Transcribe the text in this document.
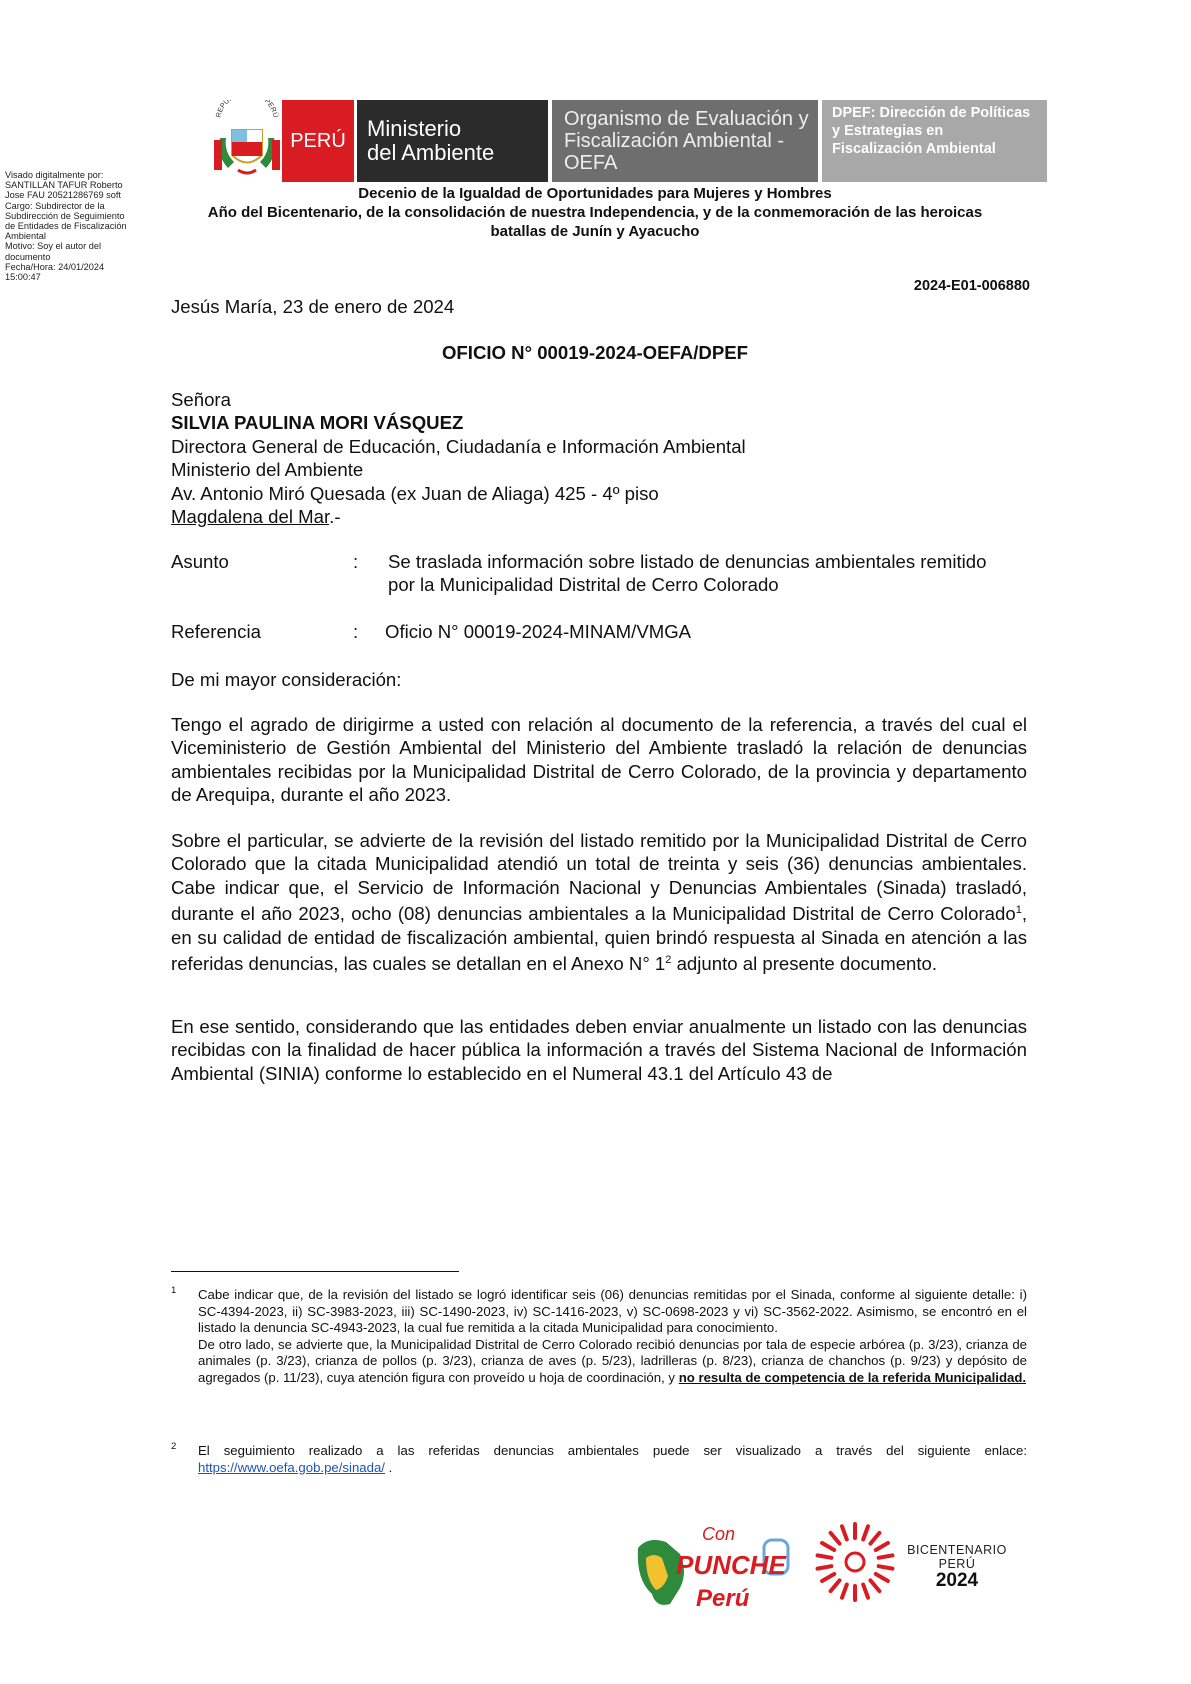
Visado digitalmente por:
SANTILLAN TAFUR Roberto
Jose FAU 20521286769 soft
Cargo: Subdirector de la
Subdirección de Seguimiento
de Entidades de Fiscalización
Ambiental
Motivo: Soy el autor del
documento
Fecha/Hora: 24/01/2024
15:00:47
REPÚ PERÚ
PERÚ Ministerio
del Ambiente
Organismo de Evaluación y
Fiscalización Ambiental - OEFA
DPEF: Dirección de Políticas y Estrategias en Fiscalización Ambiental
Decenio de la Igualdad de Oportunidades para Mujeres y Hombres
Año del Bicentenario, de la consolidación de nuestra Independencia, y de la conmemoración de las heroicas
batallas de Junín y Ayacucho
2024-E01-006880
Jesús María, 23 de enero de 2024
OFICIO N° 00019-2024-OEFA/DPEF
Señora
SILVIA PAULINA MORI VÁSQUEZ
Directora General de Educación, Ciudadanía e Información Ambiental
Ministerio del Ambiente
Av. Antonio Miró Quesada (ex Juan de Aliaga) 425 - 4º piso
Magdalena del Mar.-
Asunto	: Se traslada información sobre listado de denuncias ambientales remitido
por la Municipalidad Distrital de Cerro Colorado
Referencia	: Oficio N° 00019-2024-MINAM/VMGA
De mi mayor consideración:
Tengo el agrado de dirigirme a usted con relación al documento de la referencia, a través del cual el Viceministerio de Gestión Ambiental del Ministerio del Ambiente trasladó la relación de denuncias ambientales recibidas por la Municipalidad Distrital de Cerro Colorado, de la provincia y departamento de Arequipa, durante el año 2023.
Sobre el particular, se advierte de la revisión del listado remitido por la Municipalidad Distrital de Cerro Colorado que la citada Municipalidad atendió un total de treinta y seis (36) denuncias ambientales. Cabe indicar que, el Servicio de Información Nacional y Denuncias Ambientales (Sinada) trasladó, durante el año 2023, ocho (08) denuncias ambientales a la Municipalidad Distrital de Cerro Colorado$^1$, en su calidad de entidad de fiscalización ambiental, quien brindó respuesta al Sinada en atención a las referidas denuncias, las cuales se detallan en el Anexo N° $1^2$ adjunto al presente documento.
En ese sentido, considerando que las entidades deben enviar anualmente un listado con las denuncias recibidas con la finalidad de hacer pública la información a través del Sistema Nacional de Información Ambiental (SINIA) conforme lo establecido en el Numeral 43.1 del Artículo 43 de
1 Cabe indicar que, de la revisión del listado se logró identificar seis (06) denuncias remitidas por el Sinada, conforme al siguiente detalle: i) SC-4394-2023, ii) SC-3983-2023, iii) SC-1490-2023, iv) SC-1416-2023, v) SC-0698-2023 y vi) SC-3562-2022. Asimismo, se encontró en el listado la denuncia SC-4943-2023, la cual fue remitida a la citada Municipalidad para conocimiento.
De otro lado, se advierte que, la Municipalidad Distrital de Cerro Colorado recibió denuncias por tala de especie arbórea (p. 3/23), crianza de animales (p. 3/23), crianza de pollos (p. 3/23), crianza de aves (p. 5/23), ladrilleras (p. 8/23), crianza de chanchos (p. 9/23) y depósito de agregados (p. 11/23), cuya atención figura con proveído u hoja de coordinación, y no resulta de competencia de la referida Municipalidad.
2 El seguimiento realizado a las referidas denuncias ambientales puede ser visualizado a través del siguiente enlace: https://www.oefa.gob.pe/sinada/ .
Con
PUNCHE
Perú
BICENTENARIO
PERÚ
2024
